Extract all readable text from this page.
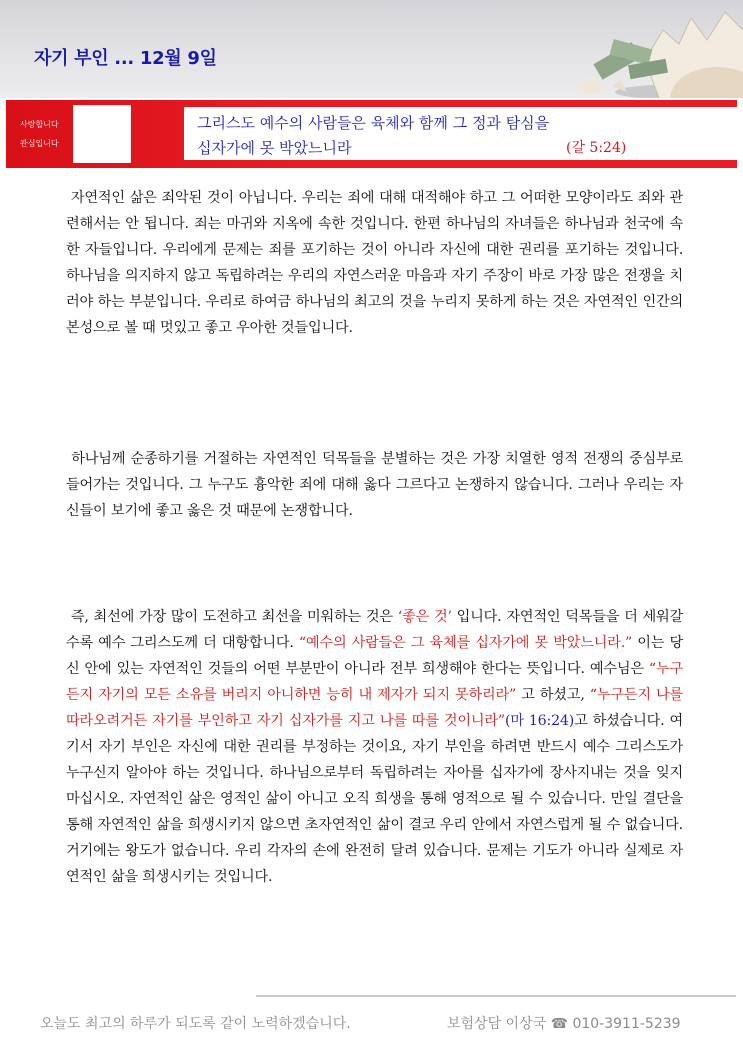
자기 부인 ... 12월 9일
사랑합니다
관심입니다
그리스도 예수의 사람들은 육체와 함께 그 정과 탐심을
십자가에 못 박았느니라	(갈 5:24)
자연적인 삶은 죄악된 것이 아닙니다. 우리는 죄에 대해 대적해야 하고 그 어떠한 모양이라도 죄와 관련해서는 안 됩니다. 죄는 마귀와 지옥에 속한 것입니다. 한편 하나님의 자녀들은 하나님과 천국에 속한 자들입니다. 우리에게 문제는 죄를 포기하는 것이 아니라 자신에 대한 권리를 포기하는 것입니다. 하나님을 의지하지 않고 독립하려는 우리의 자연스러운 마음과 자기 주장이 바로 가장 많은 전쟁을 치러야 하는 부분입니다. 우리로 하여금 하나님의 최고의 것을 누리지 못하게 하는 것은 자연적인 인간의 본성으로 볼 때 멋있고 좋고 우아한 것들입니다.
하나님께 순종하기를 거절하는 자연적인 덕목들을 분별하는 것은 가장 치열한 영적 전쟁의 중심부로 들어가는 것입니다. 그 누구도 흉악한 죄에 대해 옳다 그르다고 논쟁하지 않습니다. 그러나 우리는 자신들이 보기에 좋고 옳은 것 때문에 논쟁합니다.
즉, 최선에 가장 많이 도전하고 최선을 미워하는 것은 ‘좋은 것’ 입니다. 자연적인 덕목들을 더 세워갈수록 예수 그리스도께 더 대항합니다. “예수의 사람들은 그 육체를 십자가에 못 박았느니라.” 이는 당신 안에 있는 자연적인 것들의 어떤 부분만이 아니라 전부 희생해야 한다는 뜻입니다. 예수님은 “누구든지 자기의 모든 소유를 버리지 아니하면 능히 내 제자가 되지 못하리라” 고 하셨고, “누구든지 나를 따라오려거든 자기를 부인하고 자기 십자가를 지고 나를 따를 것이니라”(마 16:24)고 하셨습니다. 여기서 자기 부인은 자신에 대한 권리를 부정하는 것이요, 자기 부인을 하려면 반드시 예수 그리스도가 누구신지 알아야 하는 것입니다. 하나님으로부터 독립하려는 자아를 십자가에 장사지내는 것을 잊지 마십시오. 자연적인 삶은 영적인 삶이 아니고 오직 희생을 통해 영적으로 될 수 있습니다. 만일 결단을 통해 자연적인 삶을 희생시키지 않으면 초자연적인 삶이 결코 우리 안에서 자연스럽게 될 수 없습니다. 거기에는 왕도가 없습니다. 우리 각자의 손에 완전히 달려 있습니다. 문제는 기도가 아니라 실제로 자연적인 삶을 희생시키는 것입니다.
오늘도 최고의 하루가 되도록 같이 노력하겠습니다.	보험상담 이상국 ☎ 010-3911-5239
